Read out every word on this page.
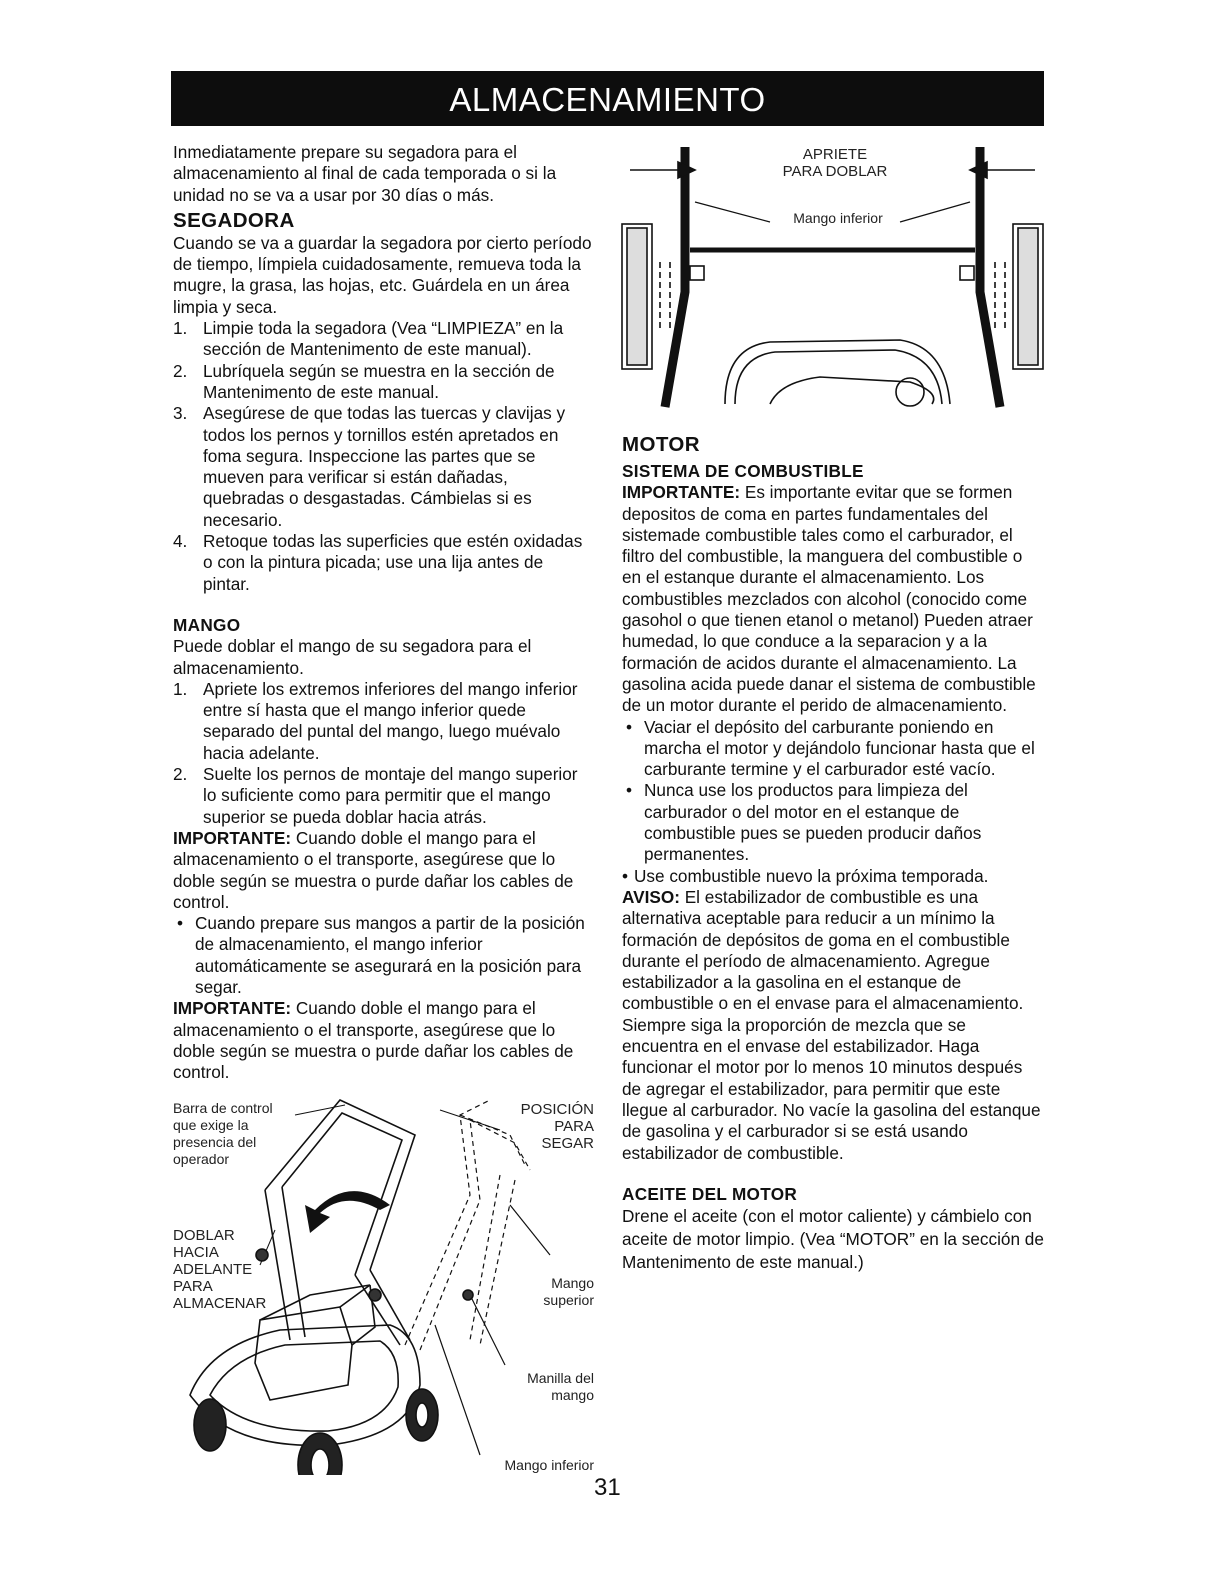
ALMACENAMIENTO

Inmediatamente prepare su segadora para el almacenamiento al final de cada temporada o si la unidad no se va a usar por 30 días o más.

SEGADORA

Cuando se va a guardar la segadora por cierto período de tiempo, límpiela cuidadosamente, remueva toda la mugre, la grasa, las hojas, etc. Guárdela en un área limpia y seca.

1. Limpie toda la segadora (Vea “LIMPIEZA” en la sección de Mantenimento de este manual).
2. Lubríquela según se muestra en la sección de Mantenimento de este manual.
3. Asegúrese de que todas las tuercas y clavijas y todos los pernos y tornillos estén apretados en foma segura. Inspeccione las partes que se mueven para verificar si están dañadas, quebradas o desgastadas. Cámbielas si es necesario.
4. Retoque todas las superficies que estén oxidadas o con la pintura picada; use una lija antes de pintar.
MANGO

Puede doblar el mango de su segadora para el almacenamiento.

1. Apriete los extremos inferiores del mango inferior entre sí hasta que el mango inferior quede separado del puntal del mango, luego muévalo hacia adelante.
2. Suelte los pernos de montaje del mango superior lo suficiente como para permitir que el mango superior se pueda doblar hacia atrás.

IMPORTANTE: Cuando doble el mango para el almacenamiento o el transporte, asegúrese que lo doble según se muestra o purde dañar los cables de control.

• Cuando prepare sus mangos a partir de la posición de almacenamiento, el mango inferior automáticamente se asegurará en la posición para segar.

IMPORTANTE: Cuando doble el mango para el almacenamiento o el transporte, asegúrese que lo doble según se muestra o purde dañar los cables de control.

Barra de control
que exige la
presencia del
operador
DOBLAR
HACIA
ADELANTE
PARA
ALMACENAR
POSICIÓN
PARA
SEGAR
Mango
superior
Manilla del
mango
Mango inferior
APRIETE
PARA DOBLAR
Mango inferior
MOTOR
SISTEMA DE COMBUSTIBLE

IMPORTANTE: Es importante evitar que se formen depositos de coma en partes fundamentales del sistemade combustible tales como el carburador, el filtro del combustible, la manguera del combustible o en el estanque durante el almacenamiento. Los combustibles mezclados con alcohol (conocido come gasohol o que tienen etanol o metanol) Pueden atraer humedad, lo que conduce a la separacion y a la formación de acidos durante el almacenamiento. La gasolina acida puede danar el sistema de combustible de un motor durante el perido de almacenamiento.

• Vaciar el depósito del carburante poniendo en marcha el motor y dejándolo funcionar hasta que el carburante termine y el carburador esté vacío.
• Nunca use los productos para limpieza del carburador o del motor en el estanque de combustible pues se pueden producir daños permanentes.
• Use combustible nuevo la próxima temporada.

AVISO: El estabilizador de combustible es una alternativa aceptable para reducir a un mínimo la formación de depósitos de goma en el combustible durante el período de almacenamiento. Agregue estabilizador a la gasolina en el estanque de combustible o en el envase para el almacenamiento. Siempre siga la proporción de mezcla que se encuentra en el envase del estabilizador. Haga funcionar el motor por lo menos 10 minutos después de agregar el estabilizador, para permitir que este llegue al carburador. No vacíe la gasolina del estanque de gasolina y el carburador si se está usando estabilizador de combustible.

ACEITE DEL MOTOR

Drene el aceite (con el motor caliente) y cámbielo con aceite de motor limpio. (Vea “MOTOR” en la sección de Mantenimento de este manual.)

31
